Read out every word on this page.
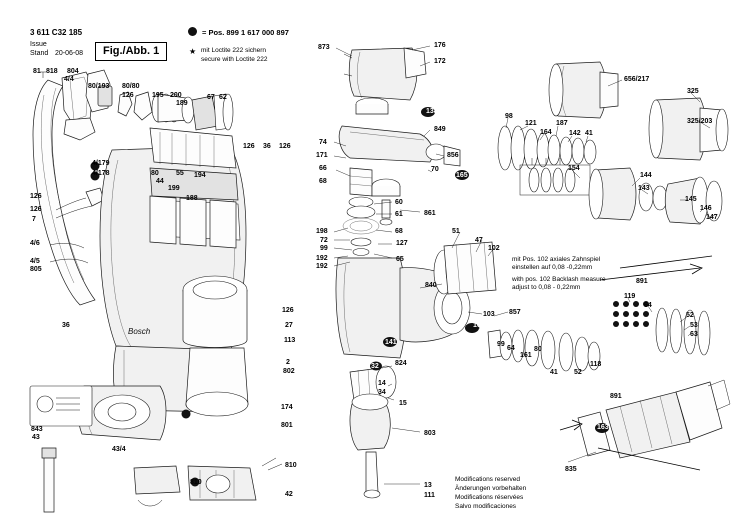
3 611 C32 185
Issue
Stand 20-06-08	Fig./Abb. 1
= Pos. 899 1 617 000 897
★ mit Loctite 222 sichern
secure with Loctite 222
mit Pos. 102 axiales Zahnspiel
einstellen auf 0,08 -0,22mm
with pos. 102 Backlash measure
adjust to 0,08 - 0,22mm
Modifications reserved
Änderungen vorbehalten
Modifications réservées
Salvo modificaciones
Bosch
81 818 804
4/4
80/193 80/80
126	195 200
189
67 62
126 36 126
4/179
4/178	80
44
55
199
188
194
126
126
7
4/6
4/5
805
126
27
113
36
2
802
174
801
843
43
43/4
810
810
42
873	176
172
138
849
74
171	856
66	70
68
165
60
61	861
198
72
99
68
127
192
192
65
51
47
102
840
103 857
165
141	99
64
161
80
41 52
118
891
163
32 824
14
34
15
803
13
111
835
656/217
325
325/203
98
121	187
164 142 41
154
144
143
145
146
147
891
119
64
52
53
63
